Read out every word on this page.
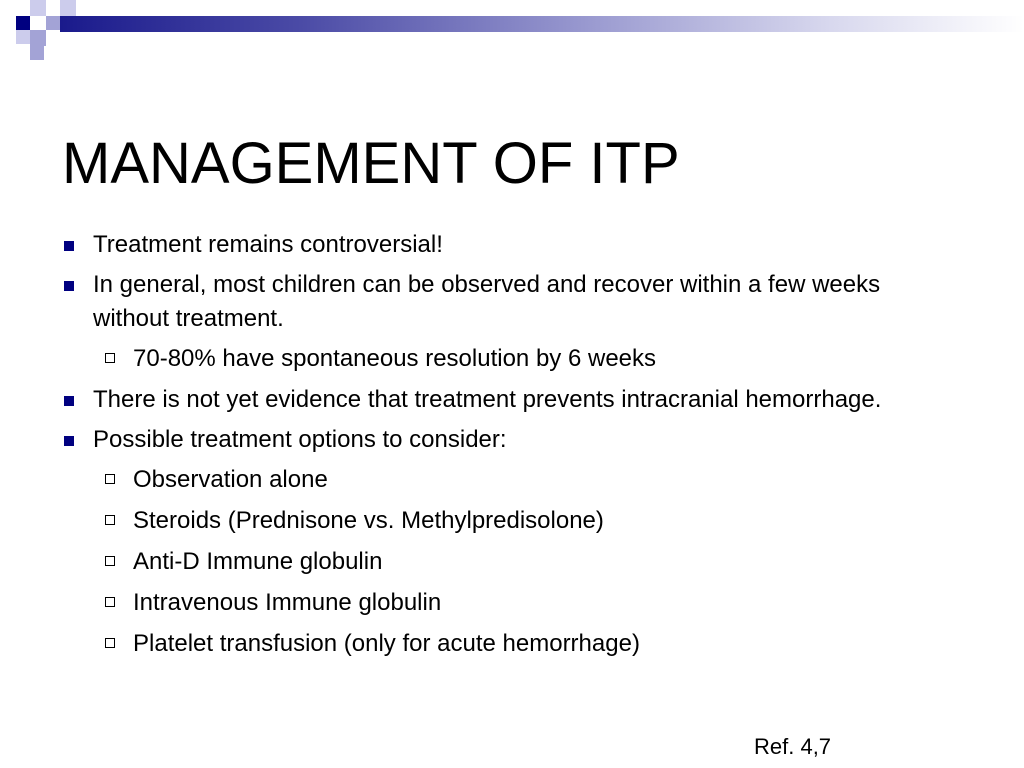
MANAGEMENT OF ITP
Treatment remains controversial!
In general, most children can be observed and recover within a few weeks without treatment.
70-80% have spontaneous resolution by 6 weeks
There is not yet evidence that treatment prevents intracranial hemorrhage.
Possible treatment options to consider:
Observation alone
Steroids (Prednisone vs. Methylpredisolone)
Anti-D Immune globulin
Intravenous Immune globulin
Platelet transfusion (only for acute hemorrhage)
Ref. 4,7
